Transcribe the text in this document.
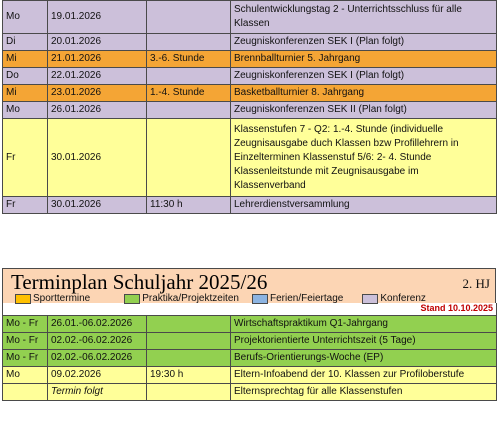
Mo	19.01.2026		Schulentwicklungstag 2 - Unterrichtsschluss für alle Klassen
Di	20.01.2026		Zeugniskonferenzen SEK I (Plan folgt)
Mi	21.01.2026	3.-6. Stunde	Brennballturnier 5. Jahrgang
Do	22.01.2026		Zeugniskonferenzen SEK I (Plan folgt)
Mi	23.01.2026	1.-4. Stunde	Basketballturnier 8. Jahrgang
Mo	26.01.2026		Zeugniskonferenzen SEK II (Plan folgt)
Fr	30.01.2026		Klassenstufen 7 - Q2: 1.-4. Stunde (individuelle Zeugnisausgabe duch Klassen bzw Profillehrern in Einzelterminen Klassenstuf 5/6: 2- 4. Stunde Klassenleitstunde mit Zeugnisausgabe im Klassenverband
Fr	30.01.2026	11:30 h	Lehrerdienstversammlung
Terminplan Schuljahr 2025/26	2. HJ
Sporttermine	Praktika/Projektzeiten	Ferien/Feiertage	Konferenz
Stand 10.10.2025			
Mo - Fr	26.01.-06.02.2026		Wirtschaftspraktikum Q1-Jahrgang
Mo - Fr	02.02.-06.02.2026		Projektorientierte Unterrichtszeit (5 Tage)
Mo - Fr	02.02.-06.02.2026		Berufs-Orientierungs-Woche (EP)
Mo	09.02.2026	19:30 h	Eltern-Infoabend der 10. Klassen zur Profiloberstufe
	Termin folgt		Elternsprechtag für alle Klassenstufen
